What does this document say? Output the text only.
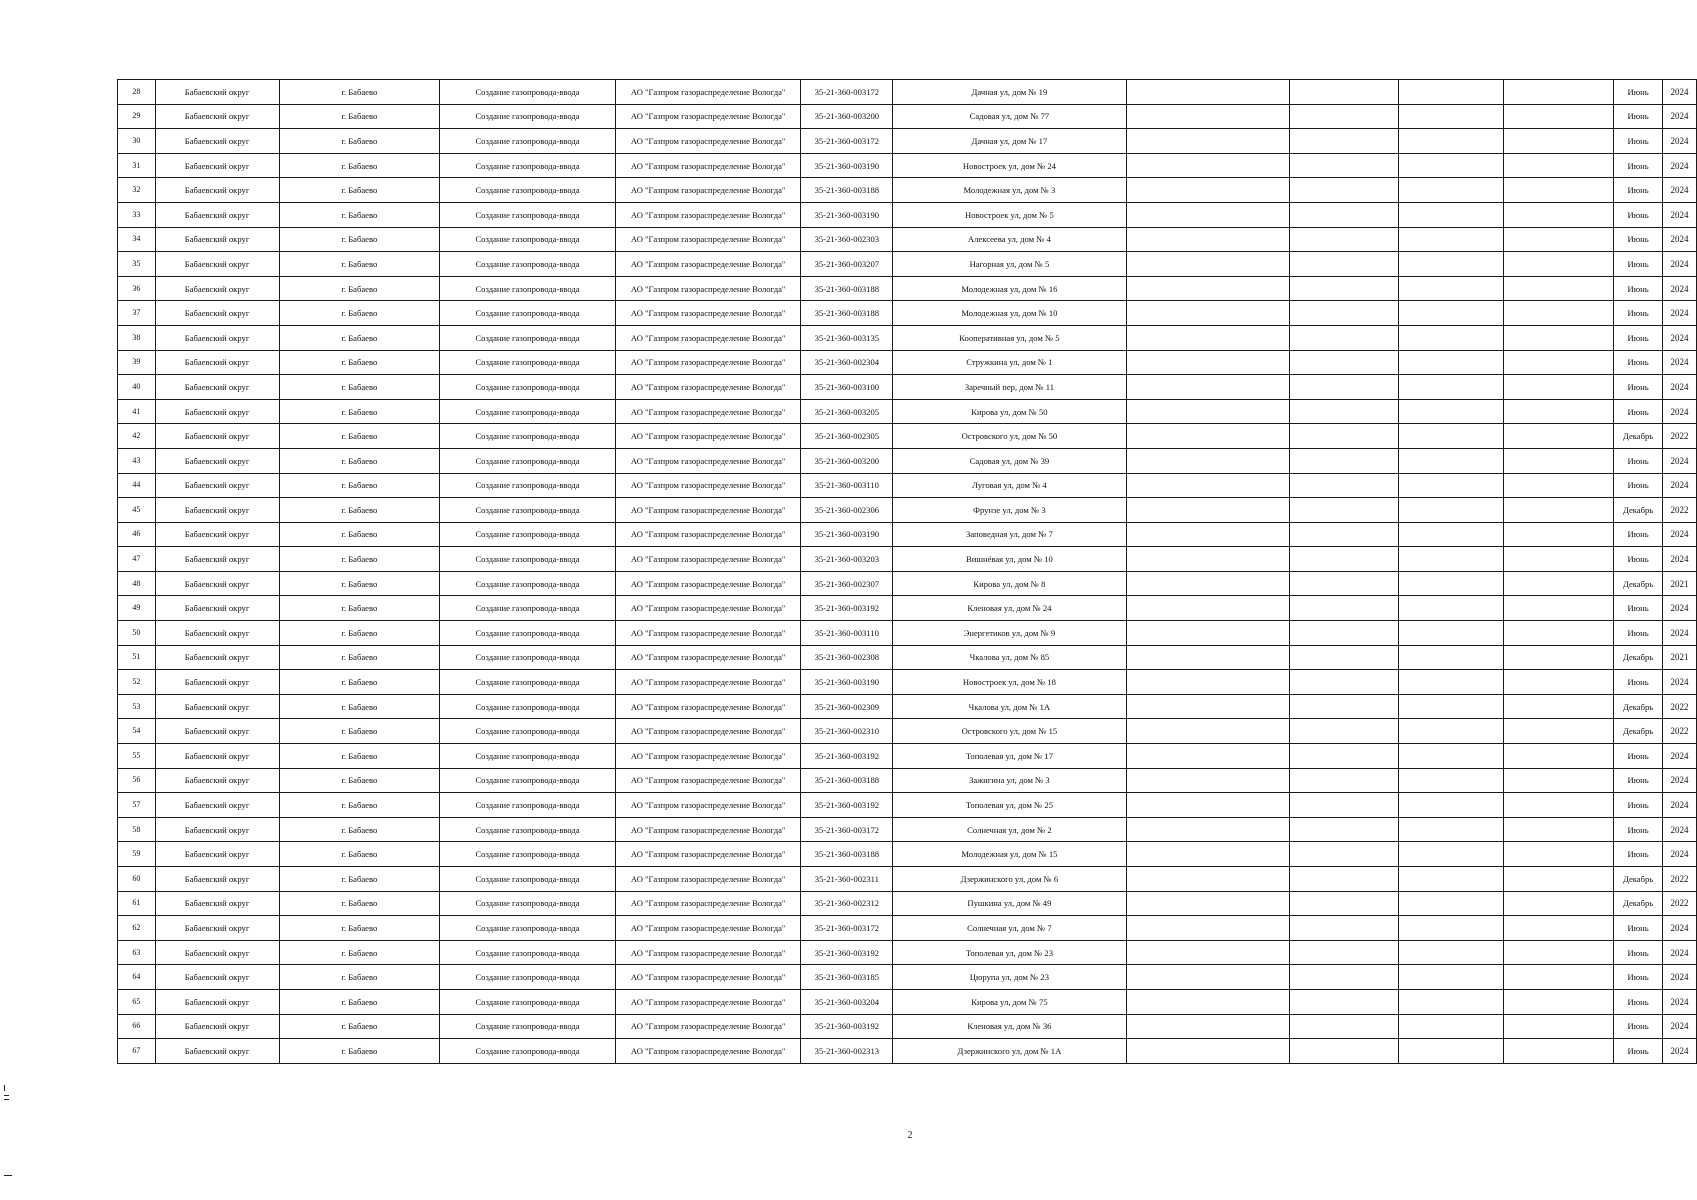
28	Бабаевский округ	г. Бабаево	Создание газопровода-ввода	АО "Газпром газораспределение Вологда"	35-21-360-003172	Дачная ул, дом № 19					Июнь	2024
29	Бабаевский округ	г. Бабаево	Создание газопровода-ввода	АО "Газпром газораспределение Вологда"	35-21-360-003200	Садовая ул, дом № 77					Июнь	2024
30	Бабаевский округ	г. Бабаево	Создание газопровода-ввода	АО "Газпром газораспределение Вологда"	35-21-360-003172	Дачная ул, дом № 17					Июнь	2024
31	Бабаевский округ	г. Бабаево	Создание газопровода-ввода	АО "Газпром газораспределение Вологда"	35-21-360-003190	Новостроек ул, дом № 24					Июнь	2024
32	Бабаевский округ	г. Бабаево	Создание газопровода-ввода	АО "Газпром газораспределение Вологда"	35-21-360-003188	Молодежная ул, дом № 3					Июнь	2024
33	Бабаевский округ	г. Бабаево	Создание газопровода-ввода	АО "Газпром газораспределение Вологда"	35-21-360-003190	Новостроек ул, дом № 5					Июнь	2024
34	Бабаевский округ	г. Бабаево	Создание газопровода-ввода	АО "Газпром газораспределение Вологда"	35-21-360-002303	Алексеева ул, дом № 4					Июнь	2024
35	Бабаевский округ	г. Бабаево	Создание газопровода-ввода	АО "Газпром газораспределение Вологда"	35-21-360-003207	Нагорная ул, дом № 5					Июнь	2024
36	Бабаевский округ	г. Бабаево	Создание газопровода-ввода	АО "Газпром газораспределение Вологда"	35-21-360-003188	Молодежная ул, дом № 16					Июнь	2024
37	Бабаевский округ	г. Бабаево	Создание газопровода-ввода	АО "Газпром газораспределение Вологда"	35-21-360-003188	Молодежная ул, дом № 10					Июнь	2024
38	Бабаевский округ	г. Бабаево	Создание газопровода-ввода	АО "Газпром газораспределение Вологда"	35-21-360-003135	Кооперативная ул, дом № 5					Июнь	2024
39	Бабаевский округ	г. Бабаево	Создание газопровода-ввода	АО "Газпром газораспределение Вологда"	35-21-360-002304	Стружкина ул, дом № 1					Июнь	2024
40	Бабаевский округ	г. Бабаево	Создание газопровода-ввода	АО "Газпром газораспределение Вологда"	35-21-360-003100	Заречный пер, дом № 11					Июнь	2024
41	Бабаевский округ	г. Бабаево	Создание газопровода-ввода	АО "Газпром газораспределение Вологда"	35-21-360-003205	Кирова ул, дом № 50					Июнь	2024
42	Бабаевский округ	г. Бабаево	Создание газопровода-ввода	АО "Газпром газораспределение Вологда"	35-21-360-002305	Островского ул, дом № 50					Декабрь	2022
43	Бабаевский округ	г. Бабаево	Создание газопровода-ввода	АО "Газпром газораспределение Вологда"	35-21-360-003200	Садовая ул, дом № 39					Июнь	2024
44	Бабаевский округ	г. Бабаево	Создание газопровода-ввода	АО "Газпром газораспределение Вологда"	35-21-360-003110	Луговая ул, дом № 4					Июнь	2024
45	Бабаевский округ	г. Бабаево	Создание газопровода-ввода	АО "Газпром газораспределение Вологда"	35-21-360-002306	Фрунзе ул, дом № 3					Декабрь	2022
46	Бабаевский округ	г. Бабаево	Создание газопровода-ввода	АО "Газпром газораспределение Вологда"	35-21-360-003190	Заповедная ул, дом № 7					Июнь	2024
47	Бабаевский округ	г. Бабаево	Создание газопровода-ввода	АО "Газпром газораспределение Вологда"	35-21-360-003203	Вишнёвая ул, дом № 10					Июнь	2024
48	Бабаевский округ	г. Бабаево	Создание газопровода-ввода	АО "Газпром газораспределение Вологда"	35-21-360-002307	Кирова ул, дом № 8					Декабрь	2021
49	Бабаевский округ	г. Бабаево	Создание газопровода-ввода	АО "Газпром газораспределение Вологда"	35-21-360-003192	Кленовая ул, дом № 24					Июнь	2024
50	Бабаевский округ	г. Бабаево	Создание газопровода-ввода	АО "Газпром газораспределение Вологда"	35-21-360-003110	Энергетиков ул, дом № 9					Июнь	2024
51	Бабаевский округ	г. Бабаево	Создание газопровода-ввода	АО "Газпром газораспределение Вологда"	35-21-360-002308	Чкалова ул, дом № 85					Декабрь	2021
52	Бабаевский округ	г. Бабаево	Создание газопровода-ввода	АО "Газпром газораспределение Вологда"	35-21-360-003190	Новостроек ул, дом № 18					Июнь	2024
53	Бабаевский округ	г. Бабаево	Создание газопровода-ввода	АО "Газпром газораспределение Вологда"	35-21-360-002309	Чкалова ул, дом № 1А					Декабрь	2022
54	Бабаевский округ	г. Бабаево	Создание газопровода-ввода	АО "Газпром газораспределение Вологда"	35-21-360-002310	Островского ул, дом № 15					Декабрь	2022
55	Бабаевский округ	г. Бабаево	Создание газопровода-ввода	АО "Газпром газораспределение Вологда"	35-21-360-003192	Тополевая ул, дом № 17					Июнь	2024
56	Бабаевский округ	г. Бабаево	Создание газопровода-ввода	АО "Газпром газораспределение Вологда"	35-21-360-003188	Зажигина ул, дом № 3					Июнь	2024
57	Бабаевский округ	г. Бабаево	Создание газопровода-ввода	АО "Газпром газораспределение Вологда"	35-21-360-003192	Тополевая ул, дом № 25					Июнь	2024
58	Бабаевский округ	г. Бабаево	Создание газопровода-ввода	АО "Газпром газораспределение Вологда"	35-21-360-003172	Солнечная ул, дом № 2					Июнь	2024
59	Бабаевский округ	г. Бабаево	Создание газопровода-ввода	АО "Газпром газораспределение Вологда"	35-21-360-003188	Молодежная ул, дом № 15					Июнь	2024
60	Бабаевский округ	г. Бабаево	Создание газопровода-ввода	АО "Газпром газораспределение Вологда"	35-21-360-002311	Дзержинского ул, дом № 6					Декабрь	2022
61	Бабаевский округ	г. Бабаево	Создание газопровода-ввода	АО "Газпром газораспределение Вологда"	35-21-360-002312	Пушкина ул, дом № 49					Декабрь	2022
62	Бабаевский округ	г. Бабаево	Создание газопровода-ввода	АО "Газпром газораспределение Вологда"	35-21-360-003172	Солнечная ул, дом № 7					Июнь	2024
63	Бабаевский округ	г. Бабаево	Создание газопровода-ввода	АО "Газпром газораспределение Вологда"	35-21-360-003192	Тополевая ул, дом № 23					Июнь	2024
64	Бабаевский округ	г. Бабаево	Создание газопровода-ввода	АО "Газпром газораспределение Вологда"	35-21-360-003185	Цюрупа ул, дом № 23					Июнь	2024
65	Бабаевский округ	г. Бабаево	Создание газопровода-ввода	АО "Газпром газораспределение Вологда"	35-21-360-003204	Кирова ул, дом № 75					Июнь	2024
66	Бабаевский округ	г. Бабаево	Создание газопровода-ввода	АО "Газпром газораспределение Вологда"	35-21-360-003192	Кленовая ул, дом № 36					Июнь	2024
67	Бабаевский округ	г. Бабаево	Создание газопровода-ввода	АО "Газпром газораспределение Вологда"	35-21-360-002313	Дзержинского ул, дом № 1А					Июнь	2024
2
